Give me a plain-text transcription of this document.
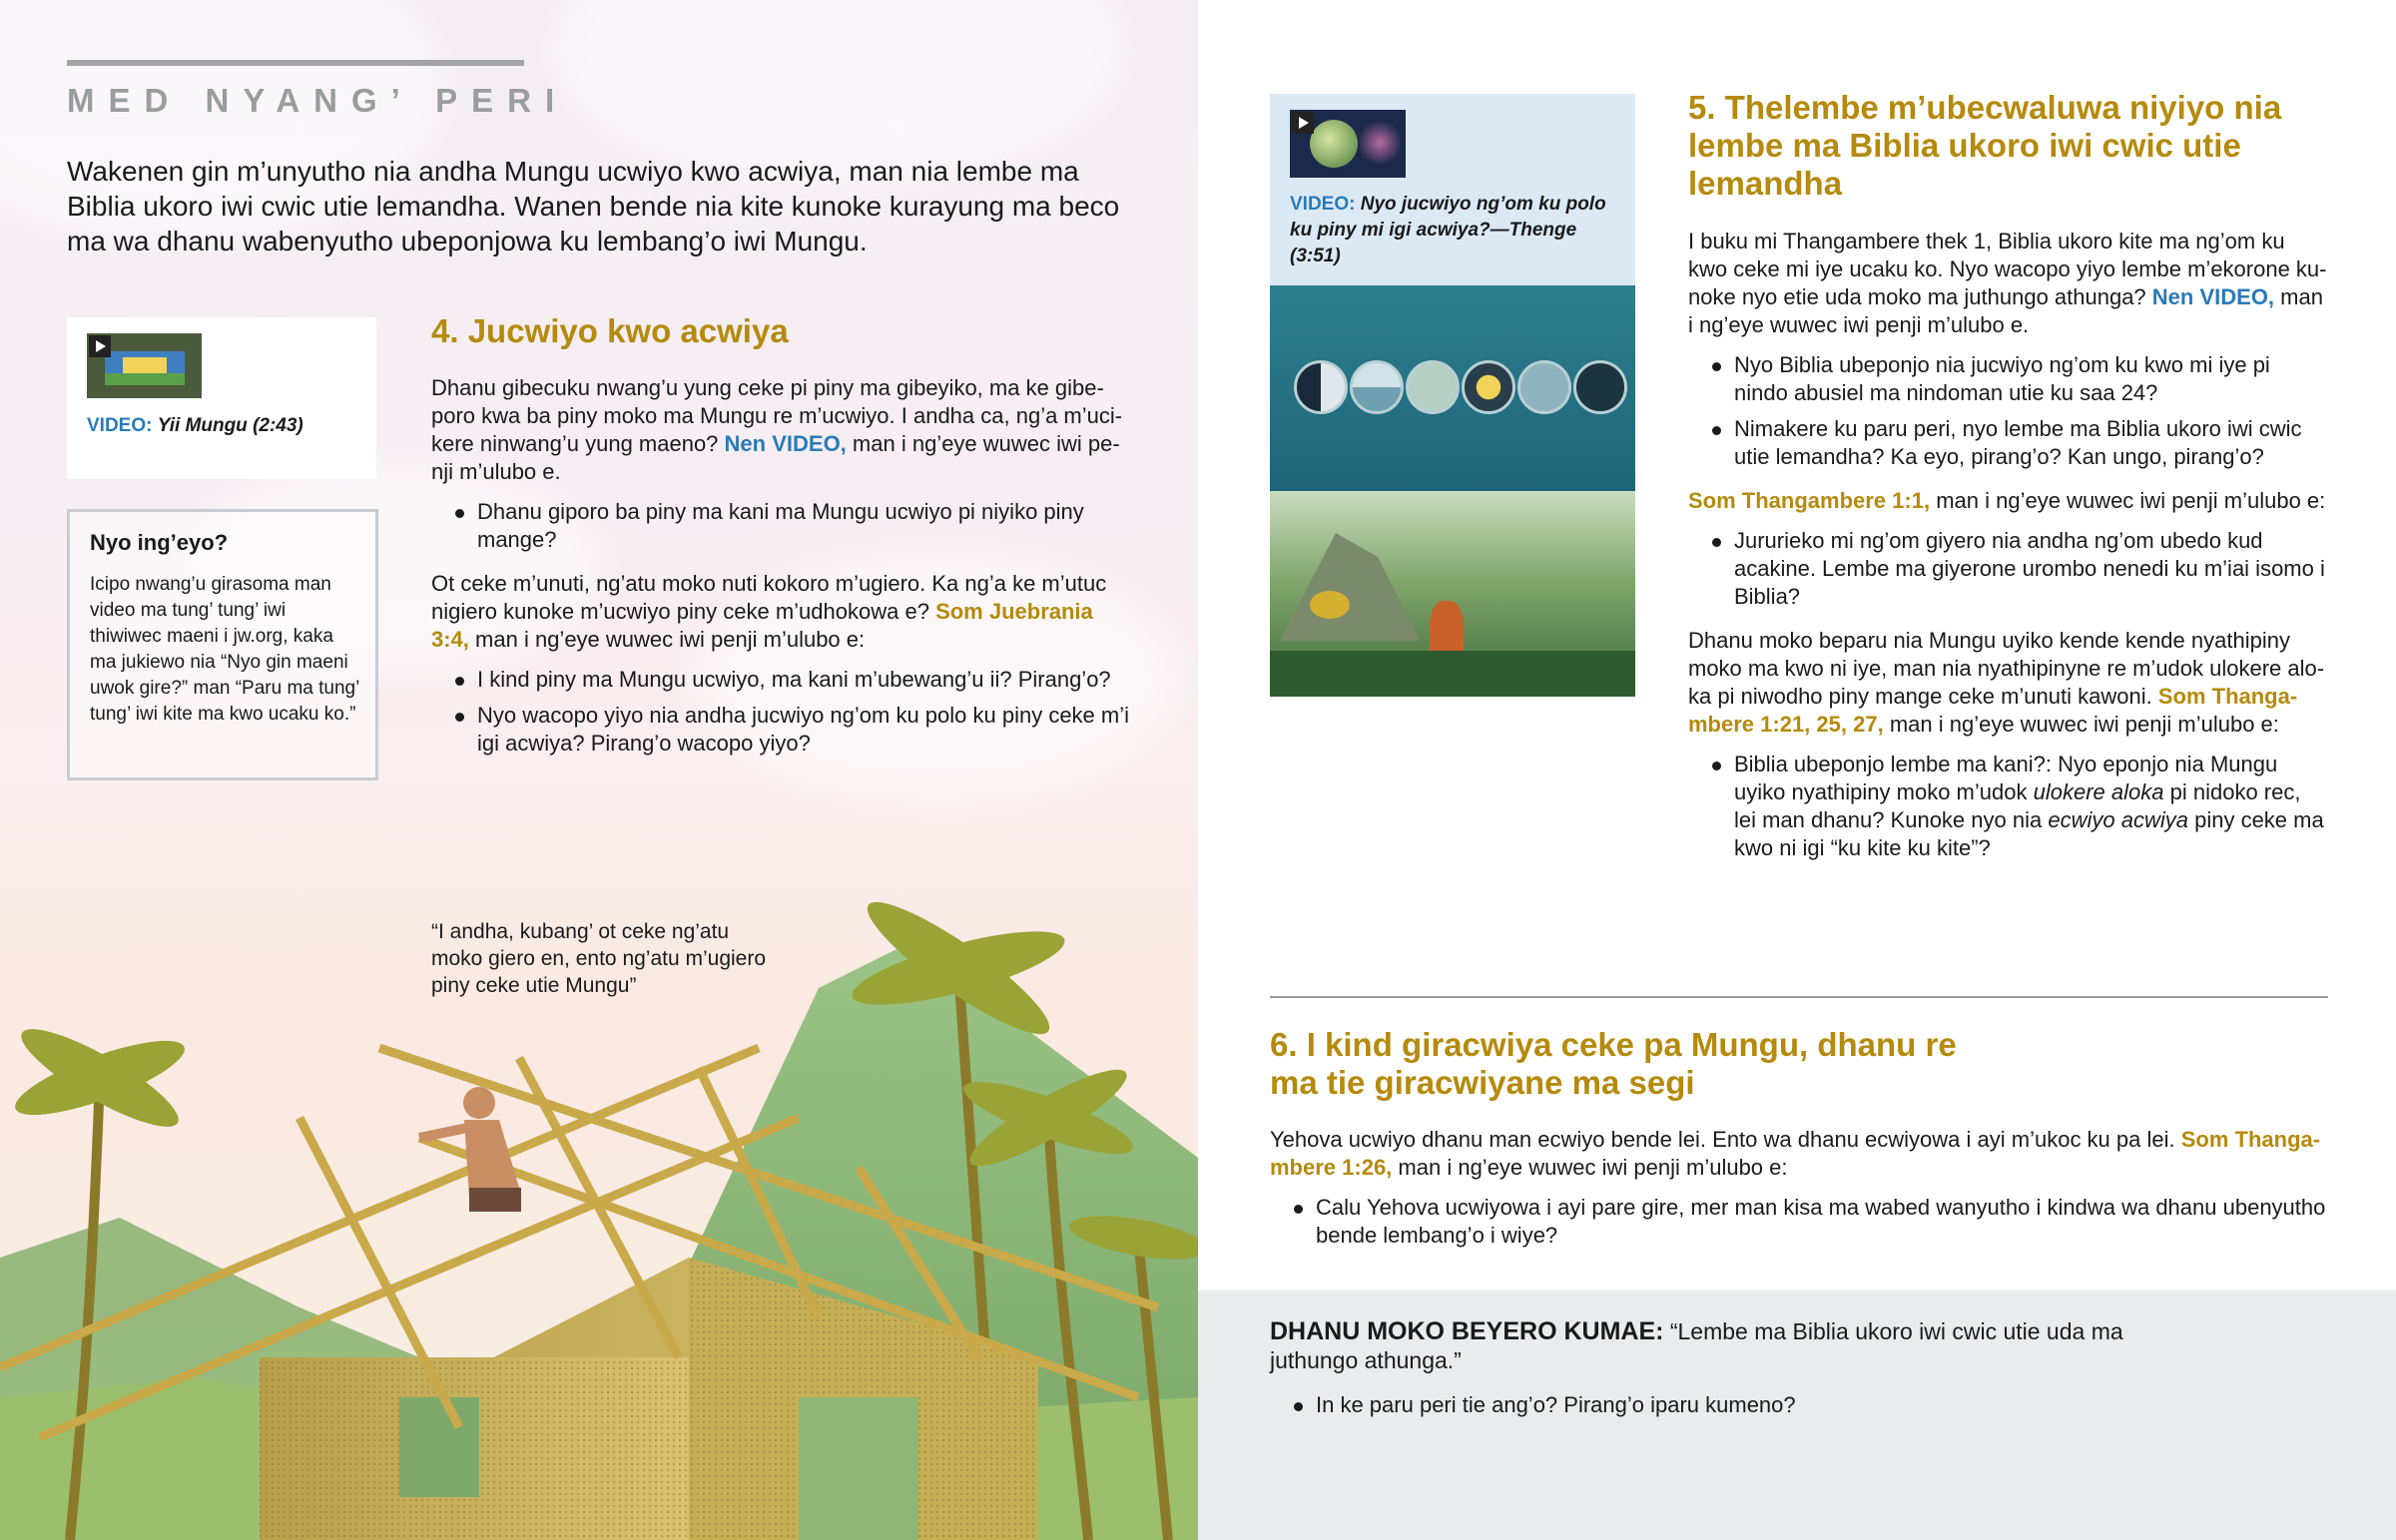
MED NYANG’ PERI

Wakenen gin m’unyutho nia andha Mungu ucwiyo kwo acwiya, man nia lembe ma Biblia ukoro iwi cwic utie lemandha. Wanen bende nia kite kunoke kurayung ma beco ma wa dhanu wabenyutho ubeponjowa ku lembang’o iwi Mungu.

VIDEO: Yii Mungu (2:43)
Nyo ing’eyo?

Icipo nwang’u girasoma man video ma tung’ tung’ iwi thiwiwec maeni i jw.org, kaka ma jukiewo nia “Nyo gin maeni uwok gire?” man “Paru ma tung’ tung’ iwi kite ma kwo ucaku ko.”

4. Jucwiyo kwo acwiya

Dhanu gibecuku nwang’u yung ceke pi piny ma gibeyiko, ma ke gibeporo kwa ba piny moko ma Mungu re m’ucwiyo. I andha ca, ng’a m’ucikere ninwang’u yung maeno? Nen VIDEO, man i ng’eye wuwec iwi penji m’ulubo e.

Dhanu giporo ba piny ma kani ma Mungu ucwiyo pi niyiko piny mange?

Ot ceke m’unuti, ng’atu moko nuti kokoro m’ugiero. Ka ng’a ke m’utuc nigiero kunoke m’ucwiyo piny ceke m’udhokowa e? Som Juebrania 3:4, man i ng’eye wuwec iwi penji m’ulubo e:

I kind piny ma Mungu ucwiyo, ma kani m’ubewang’u ii? Pirang’o?
Nyo wacopo yiyo nia andha jucwiyo ng’om ku polo ku piny ceke m’i igi acwiya? Pirang’o wacopo yiyo?

“I andha, kubang’ ot ceke ng’atu moko giero en, ento ng’atu m’ugiero piny ceke utie Mungu”

VIDEO: Nyo jucwiyo ng’om ku polo ku piny mi igi acwiya?—Thenge (3:51)
5. Thelembe m’ubecwaluwa niyiyo nia lembe ma Biblia ukoro iwi cwic utie lemandha

I buku mi Thangambere thek 1, Biblia ukoro kite ma ng’om ku kwo ceke mi iye ucaku ko. Nyo wacopo yiyo lembe m’ekorone kunoke nyo etie uda moko ma juthungo athunga? Nen VIDEO, man i ng’eye wuwec iwi penji m’ulubo e.

Nyo Biblia ubeponjo nia jucwiyo ng’om ku kwo mi iye pi nindo abusiel ma nindoman utie ku saa 24?
Nimakere ku paru peri, nyo lembe ma Biblia ukoro iwi cwic utie lemandha? Ka eyo, pirang’o? Kan ungo, pirang’o?

Som Thangambere 1:1, man i ng’eye wuwec iwi penji m’ulubo e:

Jururieko mi ng’om giyero nia andha ng’om ubedo kud acakine. Lembe ma giyerone urombo nenedi ku m’iai isomo i Biblia?

Dhanu moko beparu nia Mungu uyiko kende kende nyathipiny moko ma kwo ni iye, man nia nyathipinyne re m’udok ulokere aloka pi niwodho piny mange ceke m’unuti kawoni. Som Thangambere 1:21, 25, 27, man i ng’eye wuwec iwi penji m’ulubo e:

Biblia ubeponjo lembe ma kani?: Nyo eponjo nia Mungu uyiko nyathipiny moko m’udok ulokere aloka pi nidoko rec, lei man dhanu? Kunoke nyo nia ecwiyo acwiya piny ceke ma kwo ni igi “ku kite ku kite”?
6. I kind giracwiya ceke pa Mungu, dhanu re ma tie giracwiyane ma segi

Yehova ucwiyo dhanu man ecwiyo bende lei. Ento wa dhanu ecwiyowa i ayi m’ukoc ku pa lei. Som Thangambere 1:26, man i ng’eye wuwec iwi penji m’ulubo e:

Calu Yehova ucwiyowa i ayi pare gire, mer man kisa ma wabed wanyutho i kindwa wa dhanu ubenyutho bende lembang’o i wiye?
DHANU MOKO BEYERO KUMAE: “Lembe ma Biblia ukoro iwi cwic utie uda ma juthungo athunga.”
In ke paru peri tie ang’o? Pirang’o iparu kumeno?
